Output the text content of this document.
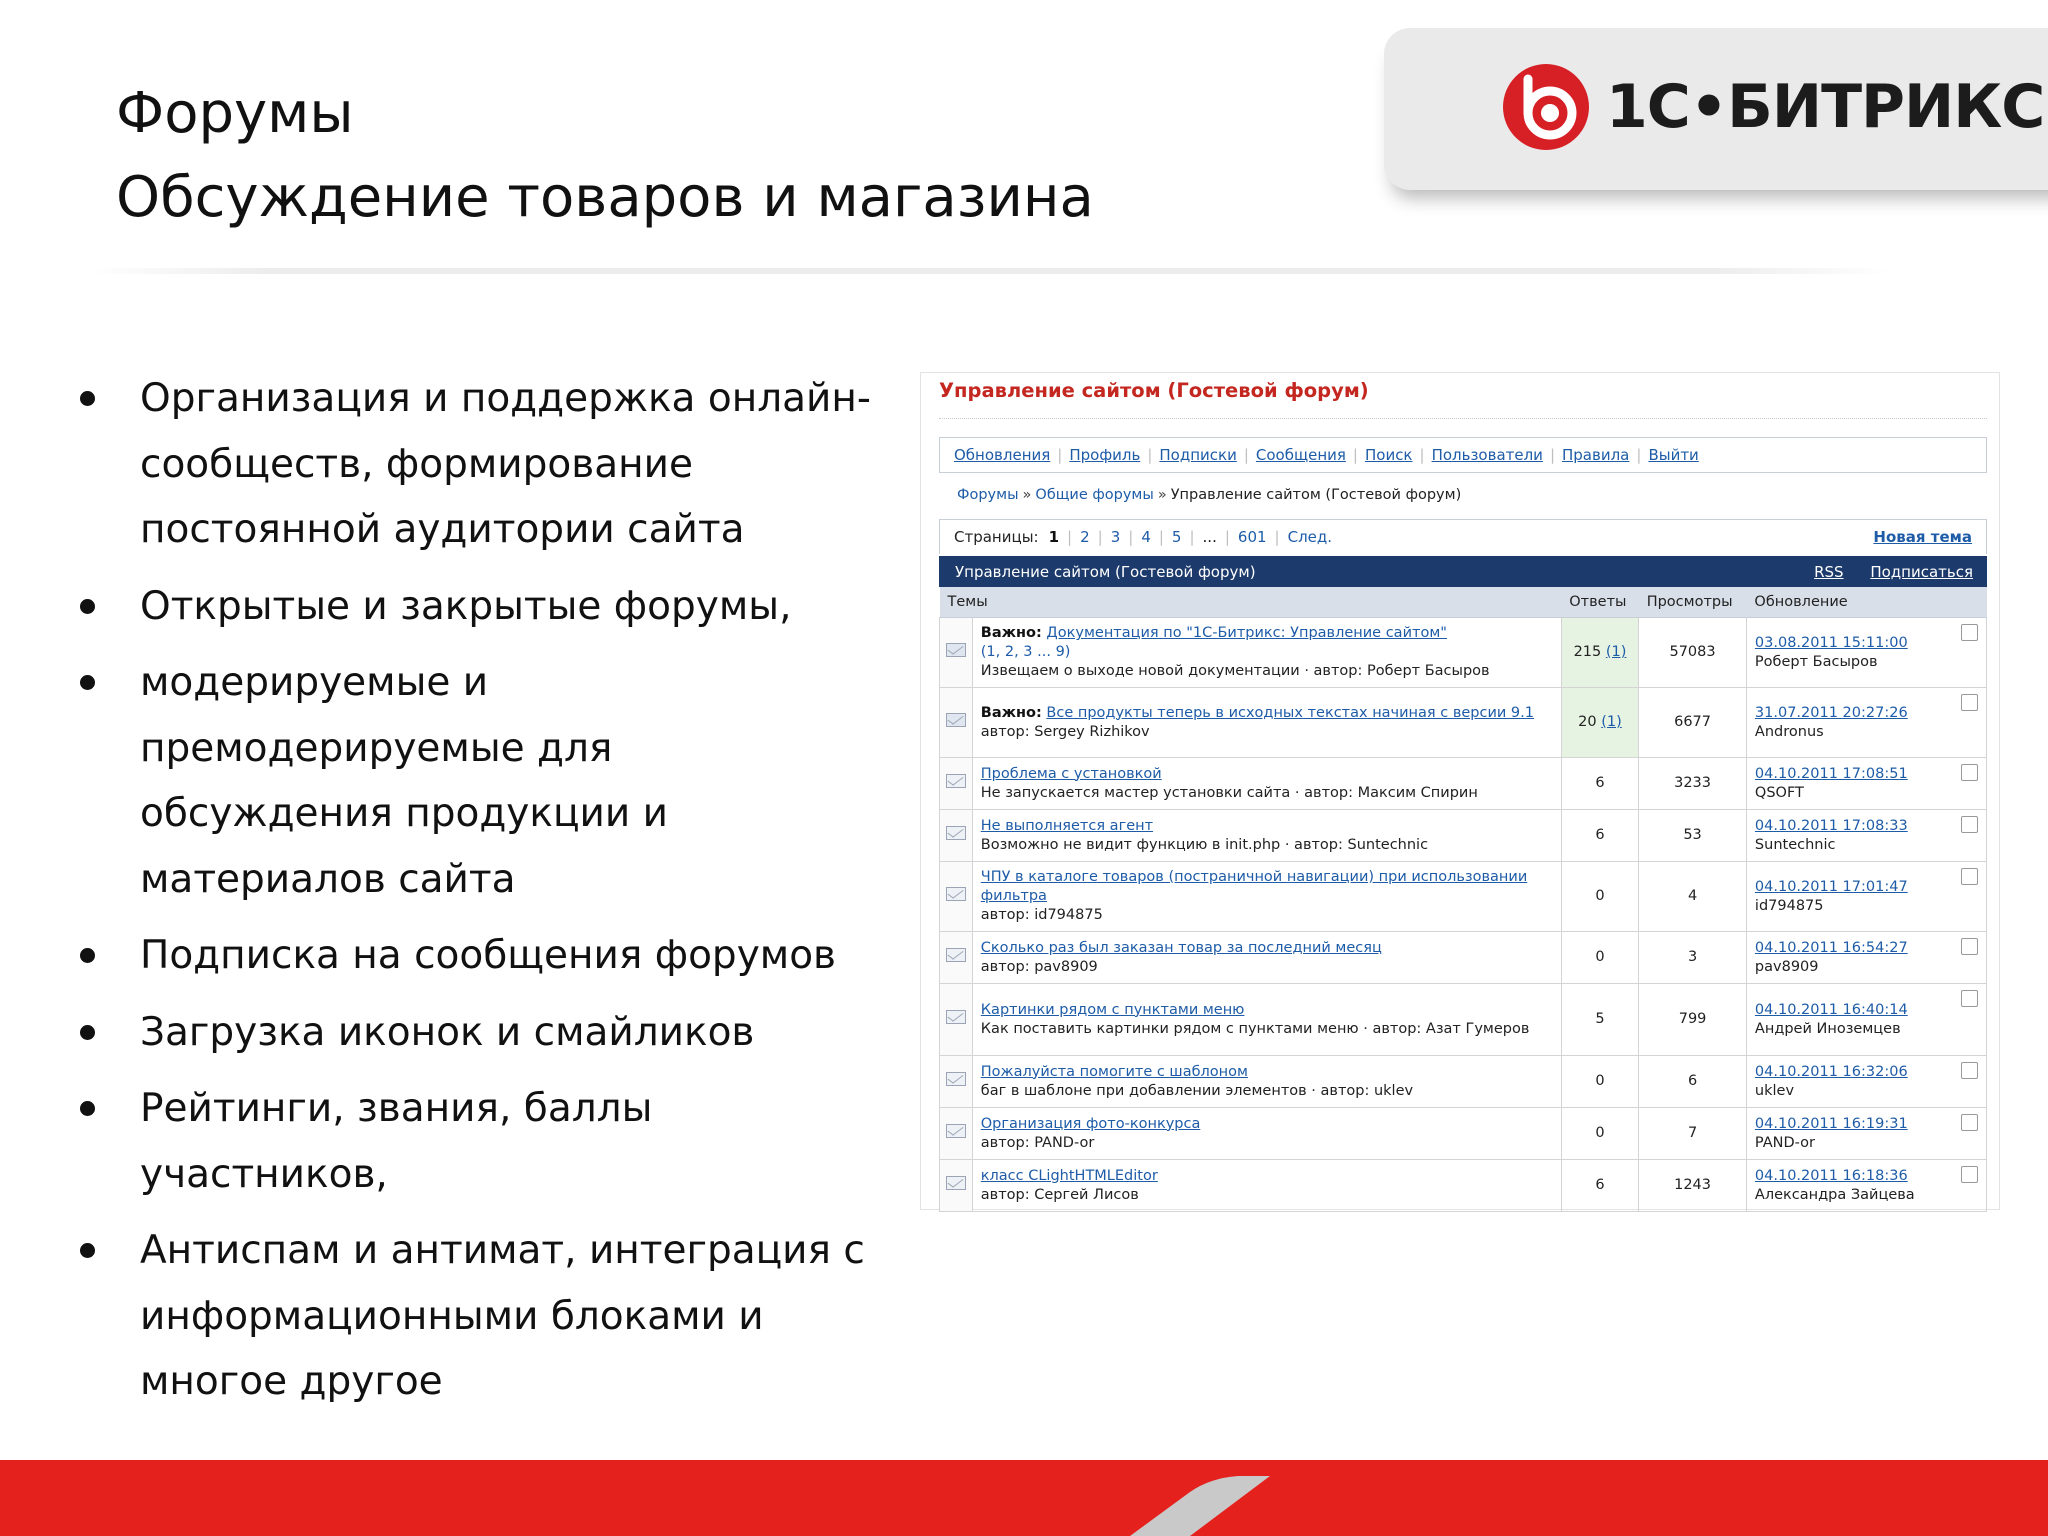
Форумы
Обсуждение товаров и магазина
1С•БИТРИКС
Организация и поддержка онлайн-сообществ, формирование постоянной аудитории сайта
Открытые и закрытые форумы,
модерируемые и премодерируемые для обсуждения продукции и материалов сайта
Подписка на сообщения форумов
Загрузка иконок и смайликов
Рейтинги, звания, баллы участников,
Антиспам и антимат, интеграция с информационными блоками и многое другое
Управление сайтом (Гостевой форум)
Обновления | Профиль | Подписки | Сообщения | Поиск | Пользователи | Правила | Выйти
Форумы » Общие форумы » Управление сайтом (Гостевой форум)
Страницы: 1 | 2 | 3 | 4 | 5 | ... | 601 | След.	Новая тема
Управление сайтом (Гостевой форум)	RSS Подписаться
Темы		Ответы	Просмотры	Обновление
	Важно: Документация по "1С-Битрикс: Управление сайтом"
(1, 2, 3 ... 9)
Извещаем о выходе новой документации · автор: Роберт Басыров	215 (1)	57083	03.08.2011 15:11:00
Роберт Басыров

	Важно: Все продукты теперь в исходных текстах начиная с версии 9.1
автор: Sergey Rizhikov	20 (1)	6677	31.07.2011 20:27:26
Andronus

	Проблема с установкой
Не запускается мастер установки сайта · автор: Максим Спирин	6	3233	04.10.2011 17:08:51
QSOFT

	Не выполняется агент
Возможно не видит функцию в init.php · автор: Suntechnic	6	53	04.10.2011 17:08:33
Suntechnic

	ЧПУ в каталоге товаров (постраничной навигации) при использовании фильтра
автор: id794875	0	4	04.10.2011 17:01:47
id794875

	Сколько раз был заказан товар за последний месяц
автор: pav8909	0	3	04.10.2011 16:54:27
pav8909

	Картинки рядом с пунктами меню
Как поставить картинки рядом с пунктами меню · автор: Азат Гумеров	5	799	04.10.2011 16:40:14
Андрей Иноземцев

	Пожалуйста помогите с шаблоном
баг в шаблоне при добавлении элементов · автор: uklev	0	6	04.10.2011 16:32:06
uklev

	Организация фото-конкурса
автор: PAND-or	0	7	04.10.2011 16:19:31
PAND-or

	класс CLightHTMLEditor
автор: Сергей Лисов	6	1243	04.10.2011 16:18:36
Александра Зайцева
